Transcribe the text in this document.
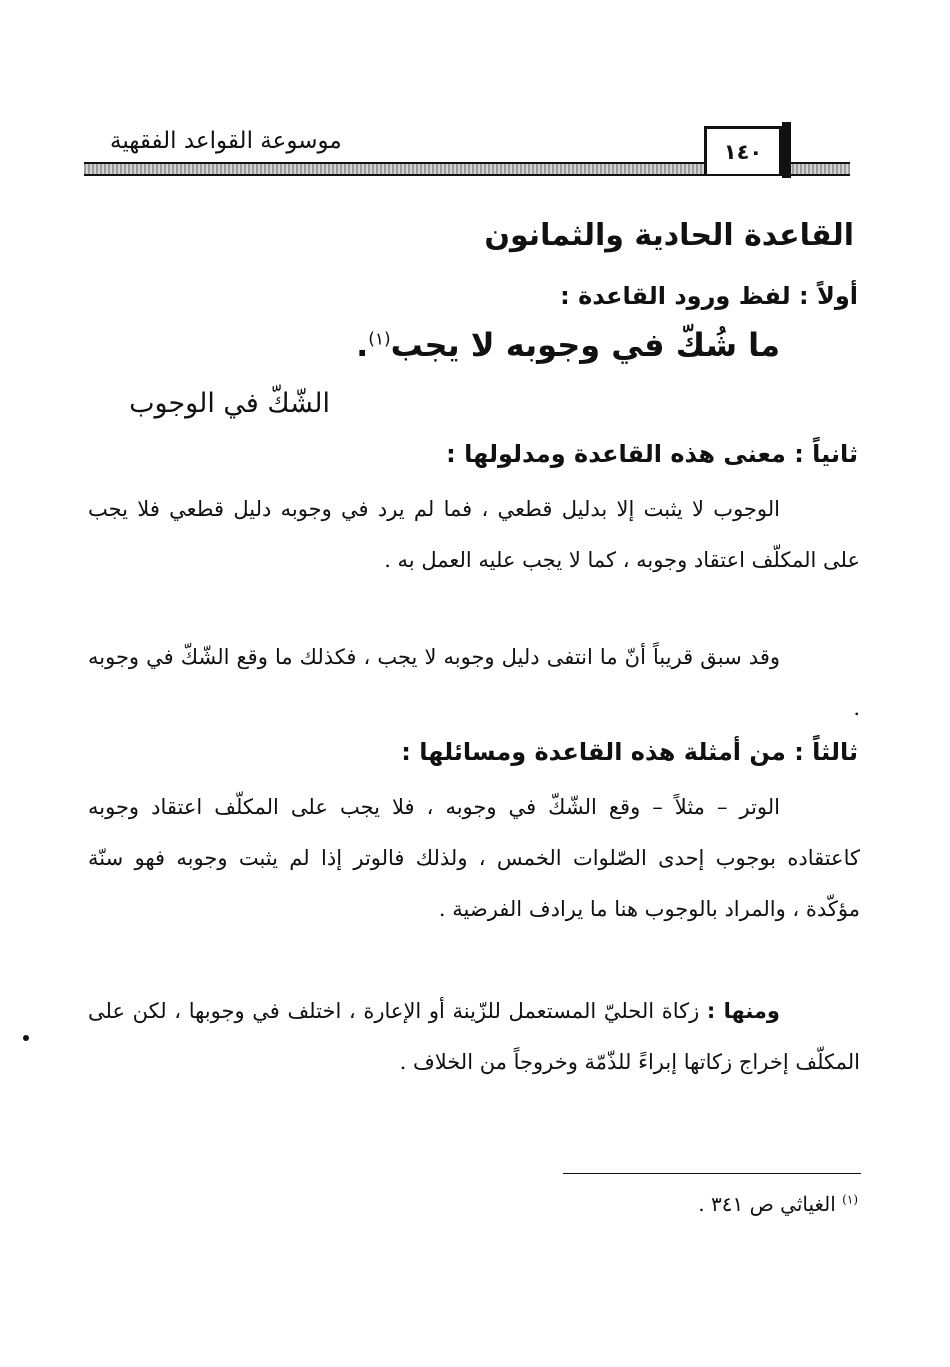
موسوعة القواعد الفقهية	١٤٠
القاعدة الحادية والثمانون
أولاً : لفظ ورود القاعدة :
ما شُكّ في وجوبه لا يجب$^{(١)}$.
الشّكّ في الوجوب
ثانياً : معنى هذه القاعدة ومدلولها :

الوجوب لا يثبت إلا بدليل قطعي ، فما لم يرد في وجوبه دليل قطعي فلا يجب على المكلّف اعتقاد وجوبه ، كما لا يجب عليه العمل به .

وقد سبق قريباً أنّ ما انتفى دليل وجوبه لا يجب ، فكذلك ما وقع الشّكّ في وجوبه .

ثالثاً : من أمثلة هذه القاعدة ومسائلها :

الوتر – مثلاً – وقع الشّكّ في وجوبه ، فلا يجب على المكلّف اعتقاد وجوبه كاعتقاده بوجوب إحدى الصّلوات الخمس ، ولذلك فالوتر إذا لم يثبت وجوبه فهو سنّة مؤكّدة ، والمراد بالوجوب هنا ما يرادف الفرضية .

ومنها : زكاة الحليّ المستعمل للزّينة أو الإعارة ، اختلف في وجوبها ، لكن على المكلّف إخراج زكاتها إبراءً للذّمّة وخروجاً من الخلاف .

$^{(١)}$ الغياثي ص ٣٤١ .
